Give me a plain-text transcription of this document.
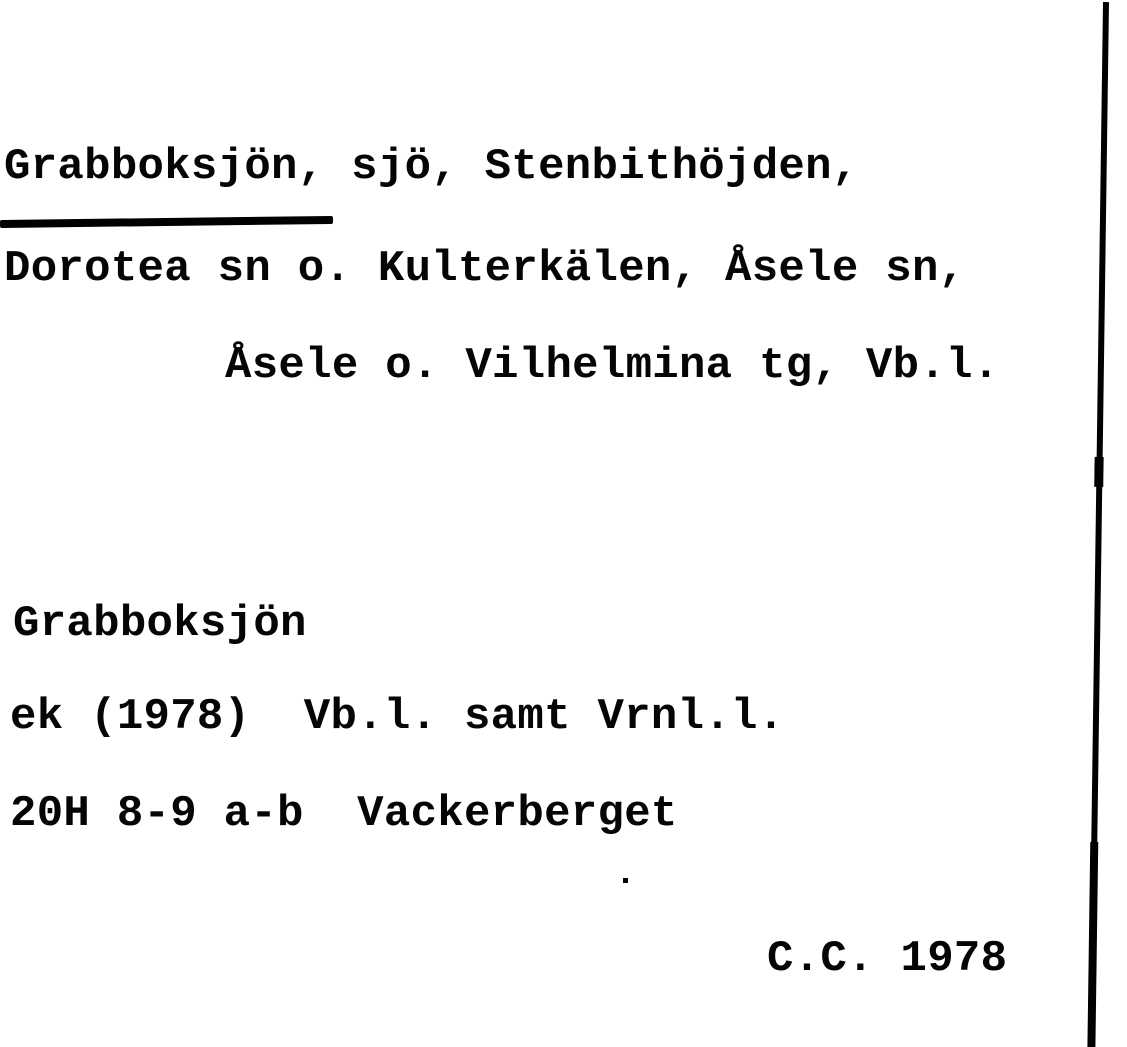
Grabboksjön, sjö, Stenbithöjden,
Dorotea sn o. Kulterkälen, Åsele sn,
Åsele o. Vilhelmina tg, Vb.l.
Grabboksjön
ek (1978)  Vb.l. samt Vrnl.l.
20H 8-9 a-b  Vackerberget
C.C. 1978
